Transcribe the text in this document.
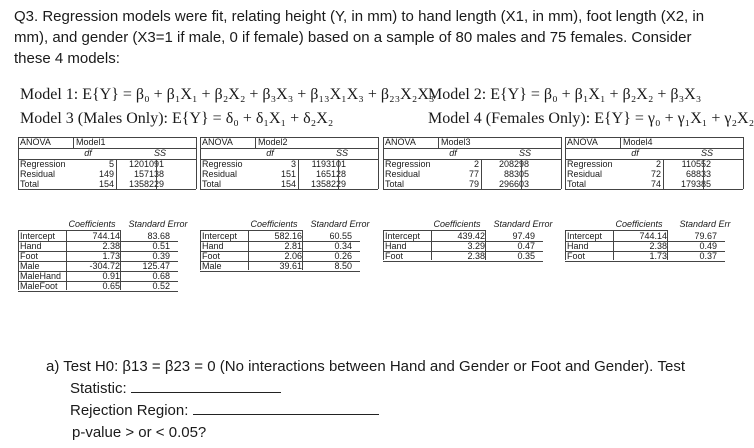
Q3. Regression models were fit, relating height (Y, in mm) to hand length (X1, in mm), foot length (X2, in
mm), and gender (X3=1 if male, 0 if female) based on a sample of 80 males and 75 females. Consider
these 4 models:
Model 1: E{Y} = β₀ + β₁X₁ + β₂X₂ + β₃X₃ + β₁₃X₁X₃ + β₂₃X₂X₃
Model 2: E{Y} = β₀ + β₁X₁ + β₂X₂ + β₃X₃
Model 3 (Males Only): E{Y} = δ₀ + δ₁X₁ + δ₂X₂	Model 4 (Females Only): E{Y} = γ₀ + γ₁X₁ + γ₂X₂
ANOVA	Model1
df	SS
Regression	5	1201091
Residual	149	157138
Total	154	1358229
Coefficients	Standard Error
Intercept	744.14	83.68
Hand	2.38	0.51
Foot	1.73	0.39
Male	-304.72	125.47
MaleHand	0.91	0.68
MaleFoot	0.65	0.52
ANOVA	Model2
df	SS
Regressio	3	1193101
Residual	151	165128
Total	154	1358229
Coefficients	Standard Error
Intercept	582.16	60.55
Hand	2.81	0.34
Foot	2.06	0.26
Male	39.61	8.50
ANOVA	Model3
df	SS
Regression	2	208298
Residual	77	88305
Total	79	296603
Coefficients	Standard Error
Intercept	439.42	97.49
Hand	3.29	0.47
Foot	2.38	0.35
ANOVA	Model4
df	SS
Regression	2	110552
Residual	72	68833
Total	74	179385
Coefficients	Standard Err
Intercept	744.14	79.67
Hand	2.38	0.49
Foot	1.73	0.37
a) Test H0: β13 = β23 = 0 (No interactions between Hand and Gender or Foot and Gender). Test
Statistic:
Rejection Region:
p-value > or < 0.05?
